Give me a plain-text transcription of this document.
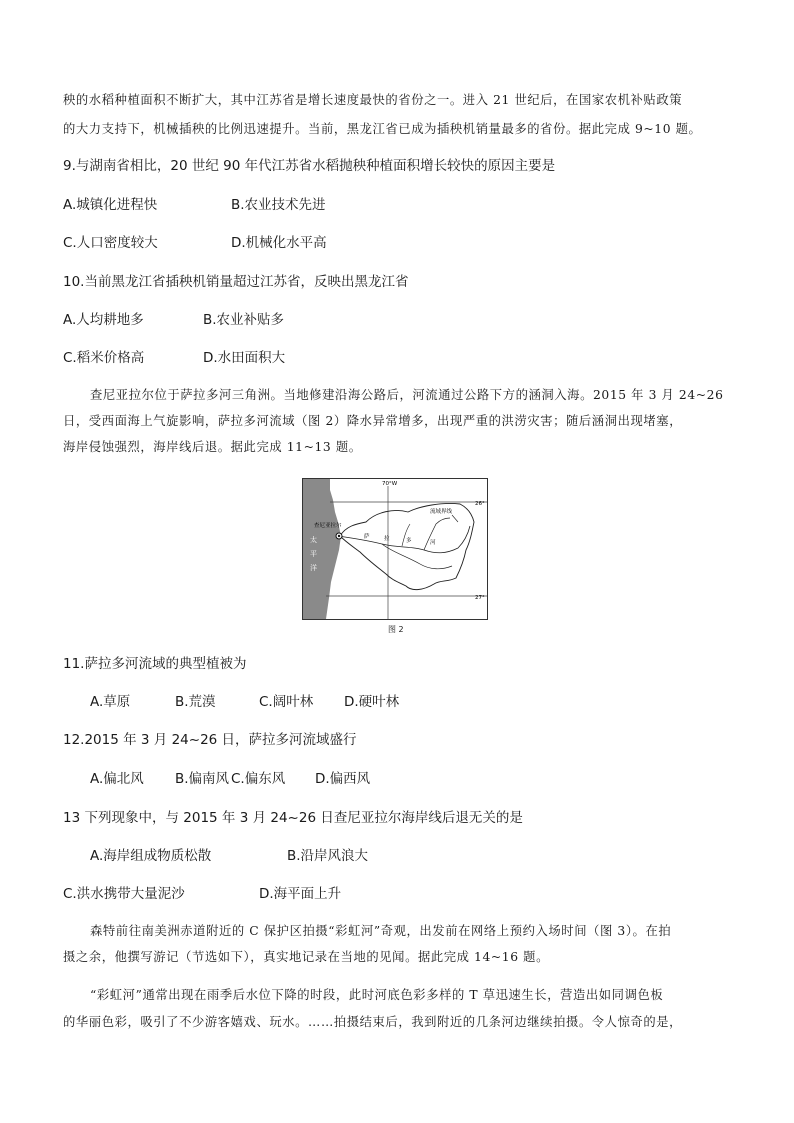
秧的水稻种植面积不断扩大，其中江苏省是增长速度最快的省份之一。进入 21 世纪后，在国家农机补贴政策
的大力支持下，机械插秧的比例迅速提升。当前，黑龙江省已成为插秧机销量最多的省份。据此完成 9~10 题。
9.与湖南省相比，20 世纪 90 年代江苏省水稻抛秧种植面积增长较快的原因主要是
A.城镇化进程快	B.农业技术先进
C.人口密度较大	D.机械化水平高
10.当前黑龙江省插秧机销量超过江苏省，反映出黑龙江省
A.人均耕地多	B.农业补贴多
C.稻米价格高	D.水田面积大
查尼亚拉尔位于萨拉多河三角洲。当地修建沿海公路后，河流通过公路下方的涵洞入海。2015 年 3 月 24~26
日，受西面海上气旋影响，萨拉多河流域（图 2）降水异常增多，出现严重的洪涝灾害；随后涵洞出现堵塞，
海岸侵蚀强烈，海岸线后退。据此完成 11~13 题。
太
平
洋
70°W
26°
27°
查尼亚拉尔
萨	拉	多	河
流域界线
图 2
11.萨拉多河流域的典型植被为
A.草原	B.荒漠	C.阔叶林 D.硬叶林
12.2015 年 3 月 24~26 日，萨拉多河流域盛行
A.偏北风 B.偏南风 C.偏东风 D.偏西风
13 下列现象中，与 2015 年 3 月 24~26 日查尼亚拉尔海岸线后退无关的是
A.海岸组成物质松散	B.沿岸风浪大
C.洪水携带大量泥沙	D.海平面上升
森特前往南美洲赤道附近的 C 保护区拍摄“彩虹河”奇观，出发前在网络上预约入场时间（图 3）。在拍
摄之余，他撰写游记（节选如下），真实地记录在当地的见闻。据此完成 14~16 题。
“彩虹河”通常出现在雨季后水位下降的时段，此时河底色彩多样的 T 草迅速生长，营造出如同调色板
的华丽色彩，吸引了不少游客嬉戏、玩水。……拍摄结束后，我到附近的几条河边继续拍摄。令人惊奇的是，
